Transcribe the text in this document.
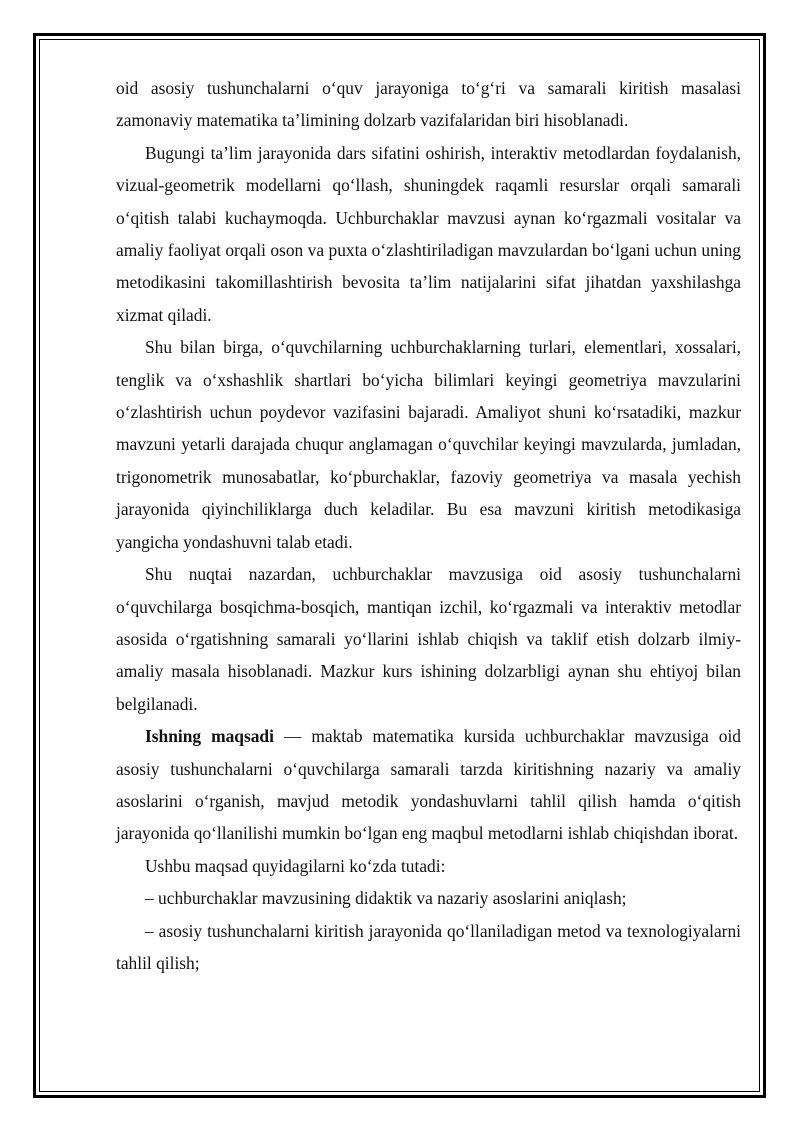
oid asosiy tushunchalarni o‘quv jarayoniga to‘g‘ri va samarali kiritish masalasi zamonaviy matematika ta’limining dolzarb vazifalaridan biri hisoblanadi.

Bugungi ta’lim jarayonida dars sifatini oshirish, interaktiv metodlardan foydalanish, vizual-geometrik modellarni qo‘llash, shuningdek raqamli resurslar orqali samarali o‘qitish talabi kuchaymoqda. Uchburchaklar mavzusi aynan ko‘rgazmali vositalar va amaliy faoliyat orqali oson va puxta o‘zlashtiriladigan mavzulardan bo‘lgani uchun uning metodikasini takomillashtirish bevosita ta’lim natijalarini sifat jihatdan yaxshilashga xizmat qiladi.

Shu bilan birga, o‘quvchilarning uchburchaklarning turlari, elementlari, xossalari, tenglik va o‘xshashlik shartlari bo‘yicha bilimlari keyingi geometriya mavzularini o‘zlashtirish uchun poydevor vazifasini bajaradi. Amaliyot shuni ko‘rsatadiki, mazkur mavzuni yetarli darajada chuqur anglamagan o‘quvchilar keyingi mavzularda, jumladan, trigonometrik munosabatlar, ko‘pburchaklar, fazoviy geometriya va masala yechish jarayonida qiyinchiliklarga duch keladilar. Bu esa mavzuni kiritish metodikasiga yangicha yondashuvni talab etadi.

Shu nuqtai nazardan, uchburchaklar mavzusiga oid asosiy tushunchalarni o‘quvchilarga bosqichma-bosqich, mantiqan izchil, ko‘rgazmali va interaktiv metodlar asosida o‘rgatishning samarali yo‘llarini ishlab chiqish va taklif etish dolzarb ilmiy-amaliy masala hisoblanadi. Mazkur kurs ishining dolzarbligi aynan shu ehtiyoj bilan belgilanadi.

Ishning maqsadi — maktab matematika kursida uchburchaklar mavzusiga oid asosiy tushunchalarni o‘quvchilarga samarali tarzda kiritishning nazariy va amaliy asoslarini o‘rganish, mavjud metodik yondashuvlarni tahlil qilish hamda o‘qitish jarayonida qo‘llanilishi mumkin bo‘lgan eng maqbul metodlarni ishlab chiqishdan iborat.

Ushbu maqsad quyidagilarni ko‘zda tutadi:

– uchburchaklar mavzusining didaktik va nazariy asoslarini aniqlash;

– asosiy tushunchalarni kiritish jarayonida qo‘llaniladigan metod va texnologiyalarni tahlil qilish;
